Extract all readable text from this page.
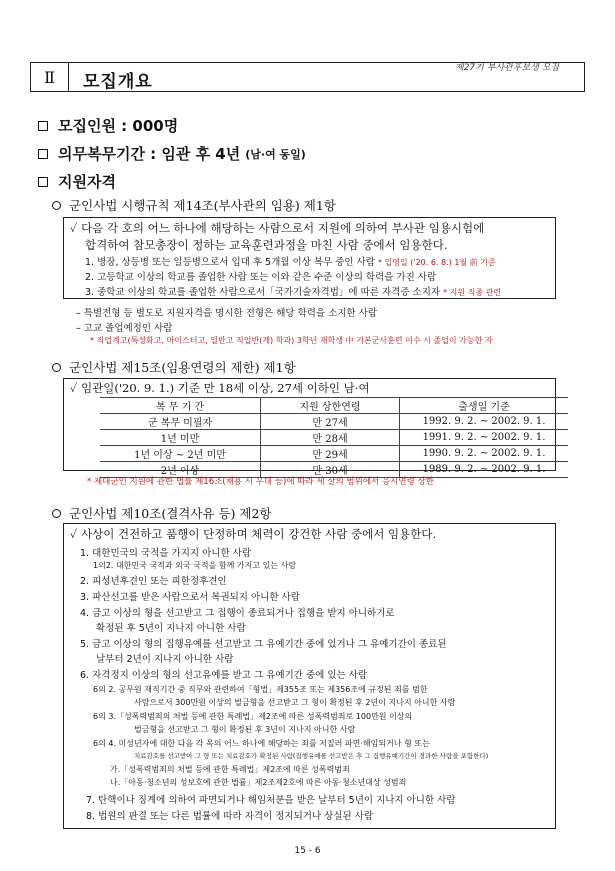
Ⅱ	모집개요
제27기 부사관후보생 모집
모집인원 : 000명
의무복무기간 : 임관 후 4년 (남·여 동일)
지원자격
군인사법 시행규칙 제14조(부사관의 임용) 제1항
✓ 다음 각 호의 어느 하나에 해당하는 사람으로서 지원에 의하여 부사관 임용시험에
합격하여 참모총장이 정하는 교육훈련과정을 마친 사람 중에서 임용한다.
1. 병장, 상등병 또는 일등병으로서 입대 후 5개월 이상 복무 중인 사람 * 입영일 ('20. 6. 8.) 1월 前 기준
2. 고등학교 이상의 학교를 졸업한 사람 또는 이와 같은 수준 이상의 학력을 가진 사람
3. 중학교 이상의 학교를 졸업한 사람으로서「국가기술자격법」에 따른 자격증 소지자 * 지원 직종 관련
– 특별전형 등 별도로 지원자격을 명시한 전형은 해당 학력을 소지한 사람
– 고교 졸업예정인 사람
* 직업계고(특성화고, 마이스터고, 일반고 직업반(계) 학과) 3학년 재학생 中 기본군사훈련 이수 시 졸업이 가능한 자
군인사법 제15조(임용연령의 제한) 제1항
✓ 임관일('20. 9. 1.) 기준 만 18세 이상, 27세 이하인 남·여
복 무 기 간	지원 상한연령	출생일 기준
군 복무 미필자	만 27세	1992. 9. 2. ~ 2002. 9. 1.
1년 미만	만 28세	1991. 9. 2. ~ 2002. 9. 1.
1년 이상 ~ 2년 미만	만 29세	1990. 9. 2. ~ 2002. 9. 1.
2년 이상	만 30세	1989. 9. 2. ~ 2002. 9. 1.
* 제대군인 지원에 관한 법률 제16조(채용 시 우대 등)에 따라 세 살의 범위에서 응시연령 상한
군인사법 제10조(결격사유 등) 제2항
✓ 사상이 건전하고 품행이 단정하며 체력이 강건한 사람 중에서 임용한다.
1. 대한민국의 국적을 가지지 아니한 사람
1의2. 대한민국 국적과 외국 국적을 함께 가지고 있는 사람
2. 피성년후견인 또는 피한정후견인
3. 파산선고를 받은 사람으로서 복권되지 아니한 사람
4. 금고 이상의 형을 선고받고 그 집행이 종료되거나 집행을 받지 아니하기로
확정된 후 5년이 지나지 아니한 사람
5. 금고 이상의 형의 집행유예를 선고받고 그 유예기간 중에 있거나 그 유예기간이 종료된
날부터 2년이 지나지 아니한 사람
6. 자격정지 이상의 형의 선고유예를 받고 그 유예기간 중에 있는 사람
6의 2. 공무원 재직기간 중 직무와 관련하여「형법」제355조 또는 제356조에 규정된 죄를 범한
사람으로서 300만원 이상의 벌금형을 선고받고 그 형이 확정된 후 2년이 지나지 아니한 사람
6의 3.「성폭력범죄의 처벌 등에 관한 특례법」제2조에 따른 성폭력범죄로 100만원 이상의
벌금형을 선고받고 그 형이 확정된 후 3년이 지나지 아니한 사람
6의 4. 미성년자에 대한 다음 각 목의 어느 하나에 해당하는 죄를 저질러 파면·해임되거나 형 또는
치료감호를 선고받아 그 형 또는 치료감호가 확정된 사람(집행유예를 선고받은 후 그 집행유예기간이 경과한 사람을 포함한다)
가.「성폭력범죄의 처벌 등에 관한 특례법」제2조에 따른 성폭력범죄
나.「아동·청소년의 성보호에 관한 법률」제2조제2호에 따른 아동·청소년대상 성범죄
7. 탄핵이나 징계에 의하여 파면되거나 해임처분을 받은 날부터 5년이 지나지 아니한 사람
8. 법원의 판결 또는 다른 법률에 따라 자격이 정지되거나 상실된 사람
15 - 6
